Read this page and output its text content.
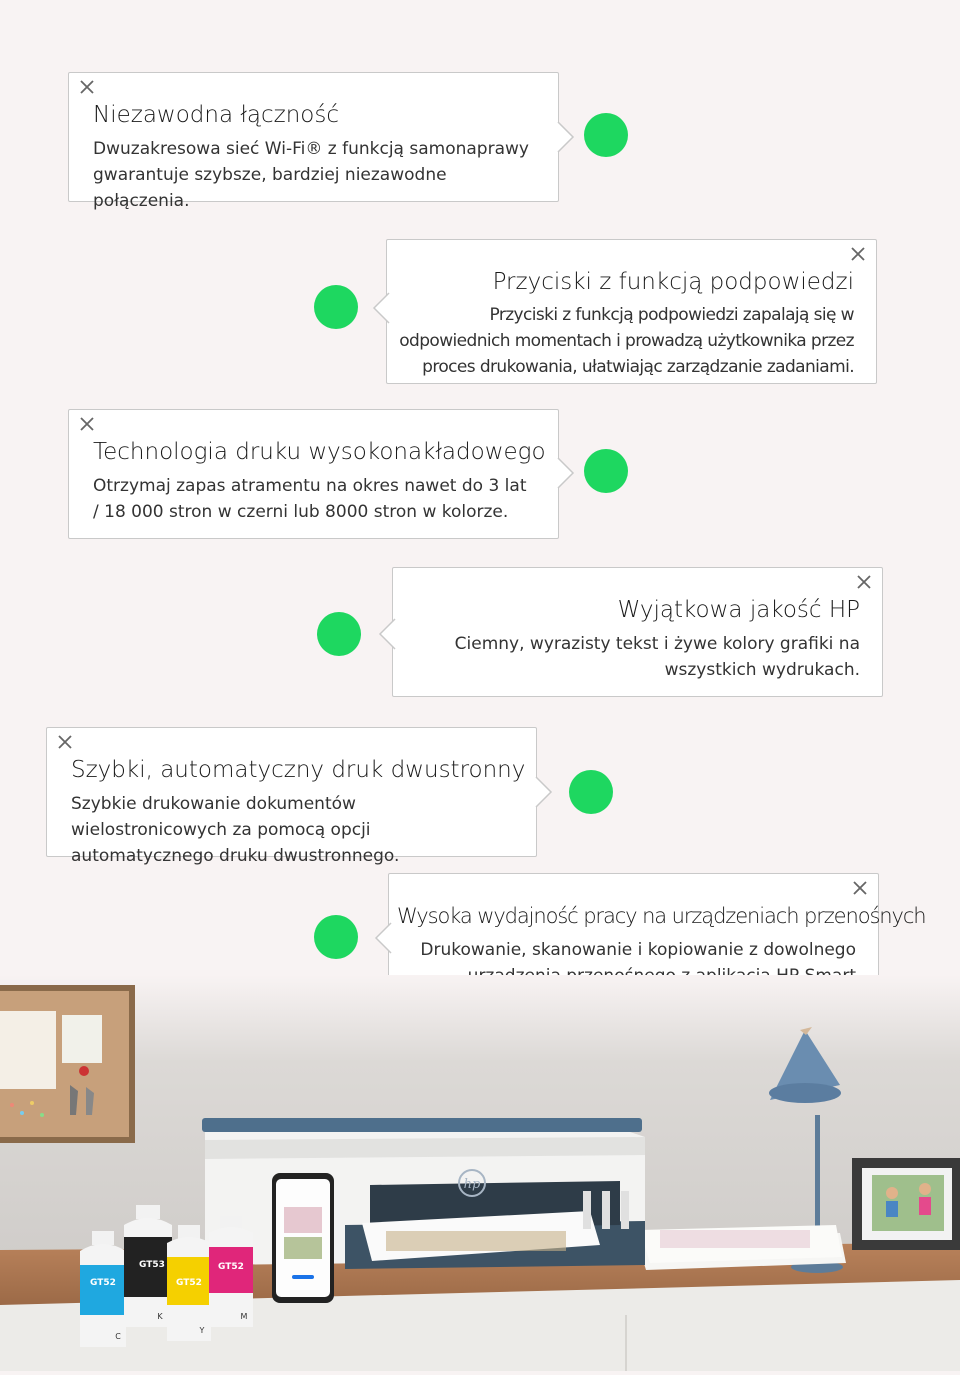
Niezawodna łączność
Dwuzakresowa sieć Wi-Fi® z funkcją samonaprawy gwarantuje szybsze, bardziej niezawodne połączenia.
Przyciski z funkcją podpowiedzi
Przyciski z funkcją podpowiedzi zapalają się w odpowiednich momentach i prowadzą użytkownika przez proces drukowania, ułatwiając zarządzanie zadaniami.
Technologia druku wysokonakładowego
Otrzymaj zapas atramentu na okres nawet do 3 lat / 18 000 stron w czerni lub 8000 stron w kolorze.
Wyjątkowa jakość HP
Ciemny, wyrazisty tekst i żywe kolory grafiki na wszystkich wydrukach.
Szybki, automatyczny druk dwustronny
Szybkie drukowanie dokumentów wielostronicowych za pomocą opcji automatycznego druku dwustronnego.
Wysoka wydajność pracy na urządzeniach przenośnych
Drukowanie, skanowanie i kopiowanie z dowolnego
hp
GT52
C
GT53
K
GT52
Y
GT52
M
